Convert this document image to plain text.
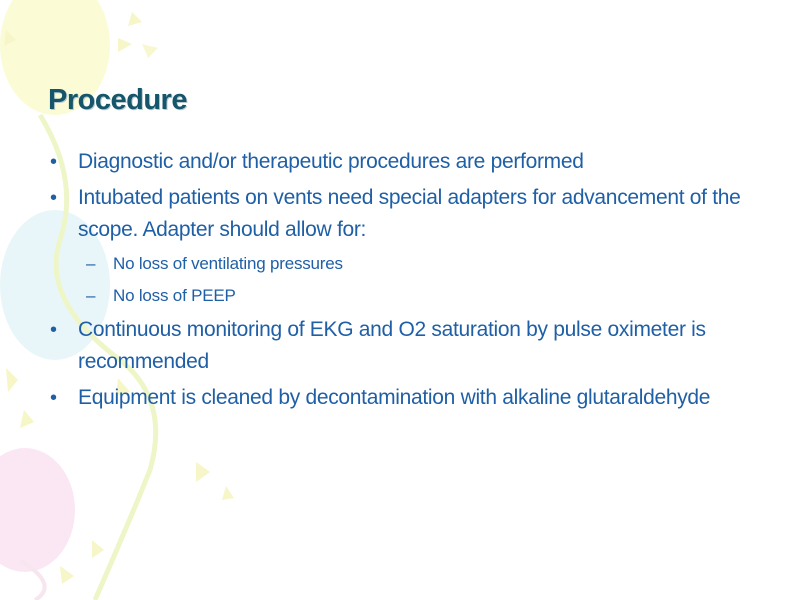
Procedure
• Diagnostic and/or therapeutic procedures are performed
• Intubated patients on vents need special adapters for advancement of the scope. Adapter should allow for:
– No loss of ventilating pressures
– No loss of PEEP
• Continuous monitoring of EKG and O2 saturation by pulse oximeter is recommended
• Equipment is cleaned by decontamination with alkaline glutaraldehyde
